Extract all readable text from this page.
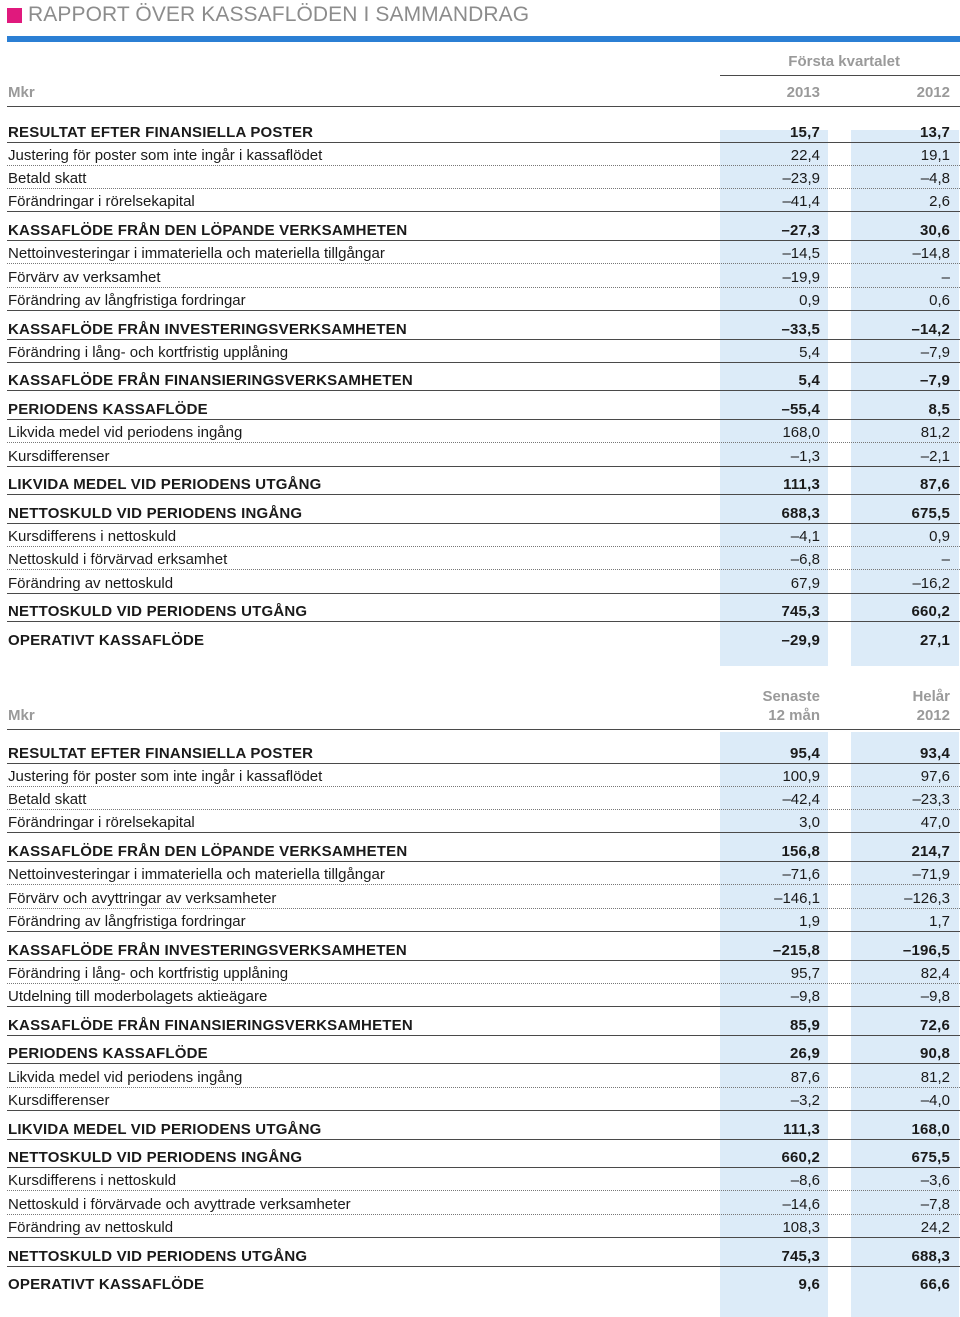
RAPPORT ÖVER KASSAFLÖDEN I SAMMANDRAG
Första kvartalet
Mkr	2013	2012
RESULTAT EFTER FINANSIELLA POSTER	15,7	13,7
Justering för poster som inte ingår i kassaflödet	22,4	19,1
Betald skatt	–23,9	–4,8
Förändringar i rörelsekapital	–41,4	2,6
KASSAFLÖDE FRÅN DEN LÖPANDE VERKSAMHETEN	–27,3	30,6
Nettoinvesteringar i immateriella och materiella tillgångar	–14,5	–14,8
Förvärv av verksamhet	–19,9	–
Förändring av långfristiga fordringar	0,9	0,6
KASSAFLÖDE FRÅN INVESTERINGSVERKSAMHETEN	–33,5	–14,2
Förändring i lång- och kortfristig upplåning	5,4	–7,9
KASSAFLÖDE FRÅN FINANSIERINGSVERKSAMHETEN	5,4	–7,9
PERIODENS KASSAFLÖDE	–55,4	8,5
Likvida medel vid periodens ingång	168,0	81,2
Kursdifferenser	–1,3	–2,1
LIKVIDA MEDEL VID PERIODENS UTGÅNG	111,3	87,6
NETTOSKULD VID PERIODENS INGÅNG	688,3	675,5
Kursdifferens i nettoskuld	–4,1	0,9
Nettoskuld i förvärvad erksamhet	–6,8	–
Förändring av nettoskuld	67,9	–16,2
NETTOSKULD VID PERIODENS UTGÅNG	745,3	660,2
OPERATIVT KASSAFLÖDE	–29,9	27,1
Senaste	Helår
Mkr	12 mån	2012
RESULTAT EFTER FINANSIELLA POSTER	95,4	93,4
Justering för poster som inte ingår i kassaflödet	100,9	97,6
Betald skatt	–42,4	–23,3
Förändringar i rörelsekapital	3,0	47,0
KASSAFLÖDE FRÅN DEN LÖPANDE VERKSAMHETEN	156,8	214,7
Nettoinvesteringar i immateriella och materiella tillgångar	–71,6	–71,9
Förvärv och avyttringar av verksamheter	–146,1	–126,3
Förändring av långfristiga fordringar	1,9	1,7
KASSAFLÖDE FRÅN INVESTERINGSVERKSAMHETEN	–215,8	–196,5
Förändring i lång- och kortfristig upplåning	95,7	82,4
Utdelning till moderbolagets aktieägare	–9,8	–9,8
KASSAFLÖDE FRÅN FINANSIERINGSVERKSAMHETEN	85,9	72,6
PERIODENS KASSAFLÖDE	26,9	90,8
Likvida medel vid periodens ingång	87,6	81,2
Kursdifferenser	–3,2	–4,0
LIKVIDA MEDEL VID PERIODENS UTGÅNG	111,3	168,0
NETTOSKULD VID PERIODENS INGÅNG	660,2	675,5
Kursdifferens i nettoskuld	–8,6	–3,6
Nettoskuld i förvärvade och avyttrade verksamheter	–14,6	–7,8
Förändring av nettoskuld	108,3	24,2
NETTOSKULD VID PERIODENS UTGÅNG	745,3	688,3
OPERATIVT KASSAFLÖDE	9,6	66,6
